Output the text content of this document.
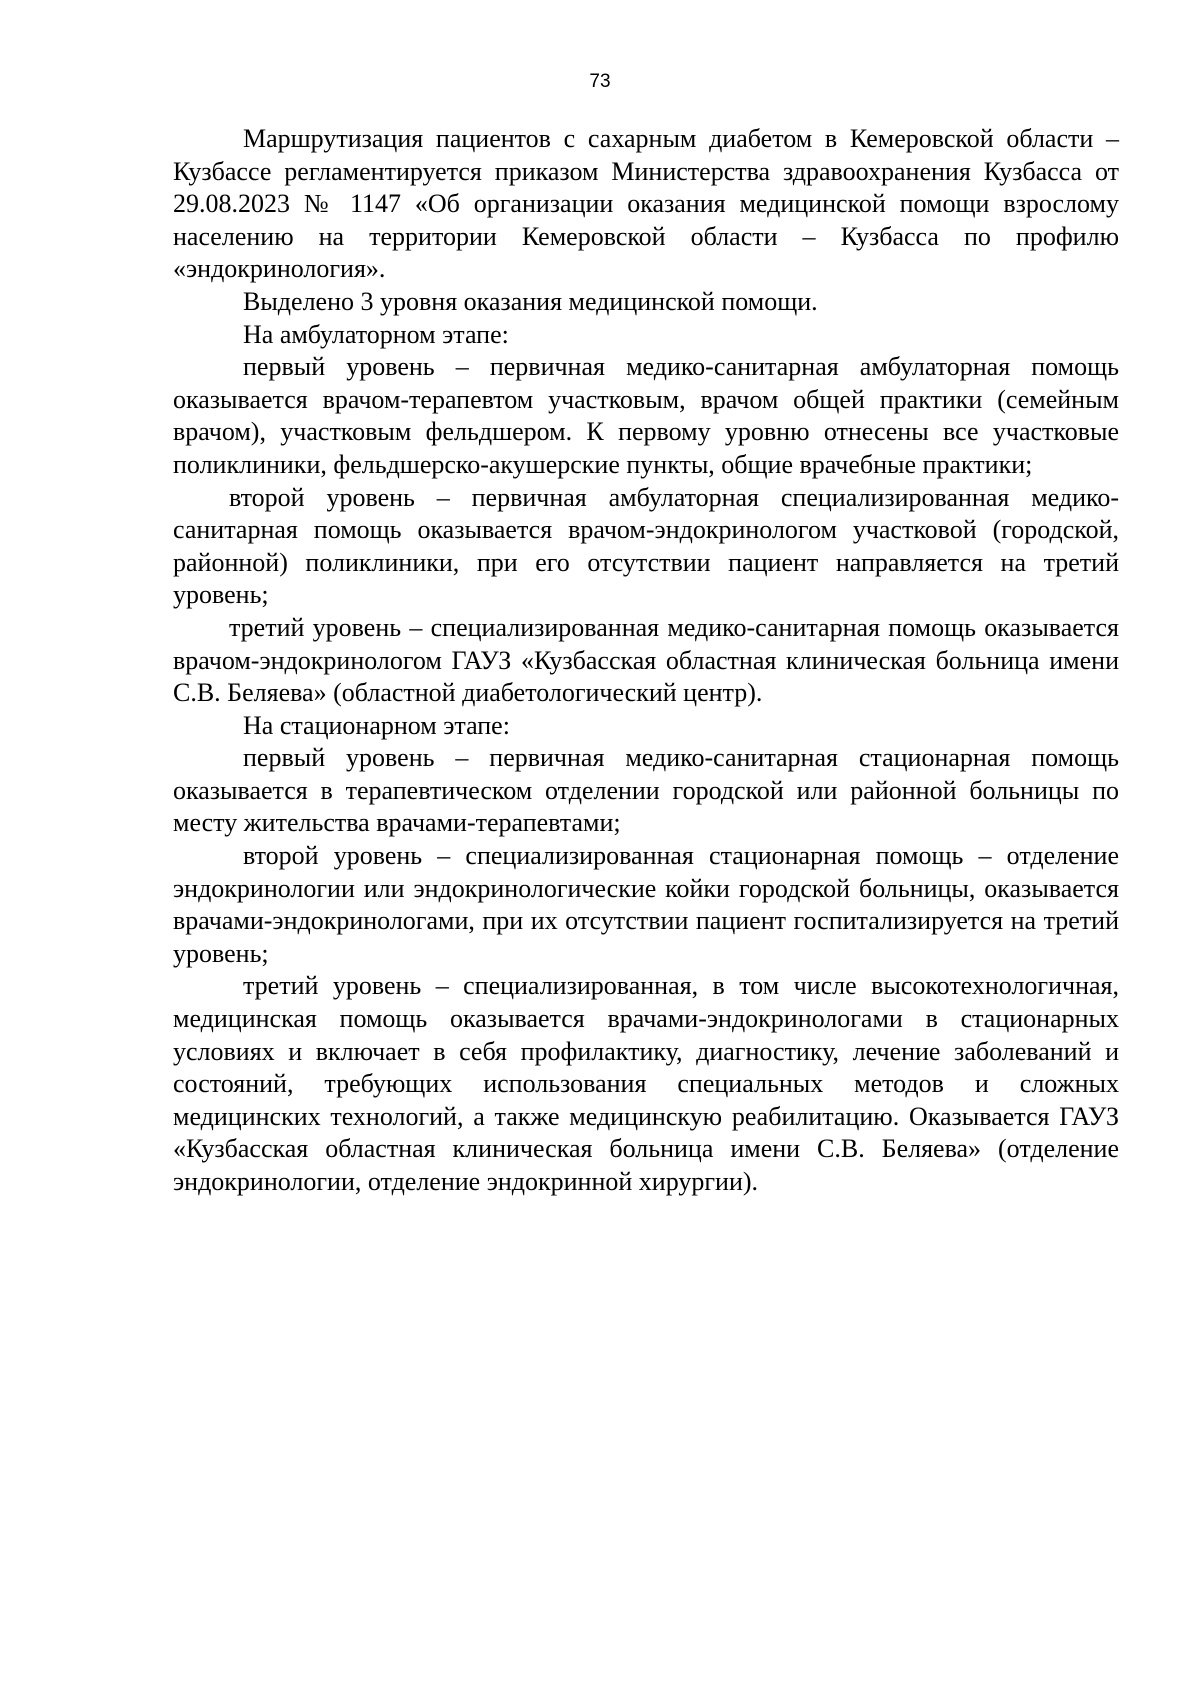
73

Маршрутизация пациентов с сахарным диабетом в Кемеровской области – Кузбассе регламентируется приказом Министерства здравоохранения Кузбасса от 29.08.2023 № 1147 «Об организации оказания медицинской помощи взрослому населению на территории Кемеровской области – Кузбасса по профилю «эндокринология».

Выделено 3 уровня оказания медицинской помощи.

На амбулаторном этапе:

первый уровень – первичная медико-санитарная амбулаторная помощь оказывается врачом-терапевтом участковым, врачом общей практики (семейным врачом), участковым фельдшером. К первому уровню отнесены все участковые поликлиники, фельдшерско-акушерские пункты, общие врачебные практики;

второй уровень – первичная амбулаторная специализированная медико-санитарная помощь оказывается врачом-эндокринологом участковой (городской, районной) поликлиники, при его отсутствии пациент направляется на третий уровень;

третий уровень – специализированная медико-санитарная помощь оказывается врачом-эндокринологом ГАУЗ «Кузбасская областная клиническая больница имени С.В. Беляева» (областной диабетологический центр).

На стационарном этапе:

первый уровень – первичная медико-санитарная стационарная помощь оказывается в терапевтическом отделении городской или районной больницы по месту жительства врачами-терапевтами;

второй уровень – специализированная стационарная помощь – отделение эндокринологии или эндокринологические койки городской больницы, оказывается врачами-эндокринологами, при их отсутствии пациент госпитализируется на третий уровень;

третий уровень – специализированная, в том числе высокотехнологичная, медицинская помощь оказывается врачами-эндокринологами в стационарных условиях и включает в себя профилактику, диагностику, лечение заболеваний и состояний, требующих использования специальных методов и сложных медицинских технологий, а также медицинскую реабилитацию. Оказывается ГАУЗ «Кузбасская областная клиническая больница имени С.В. Беляева» (отделение эндокринологии, отделение эндокринной хирургии).
